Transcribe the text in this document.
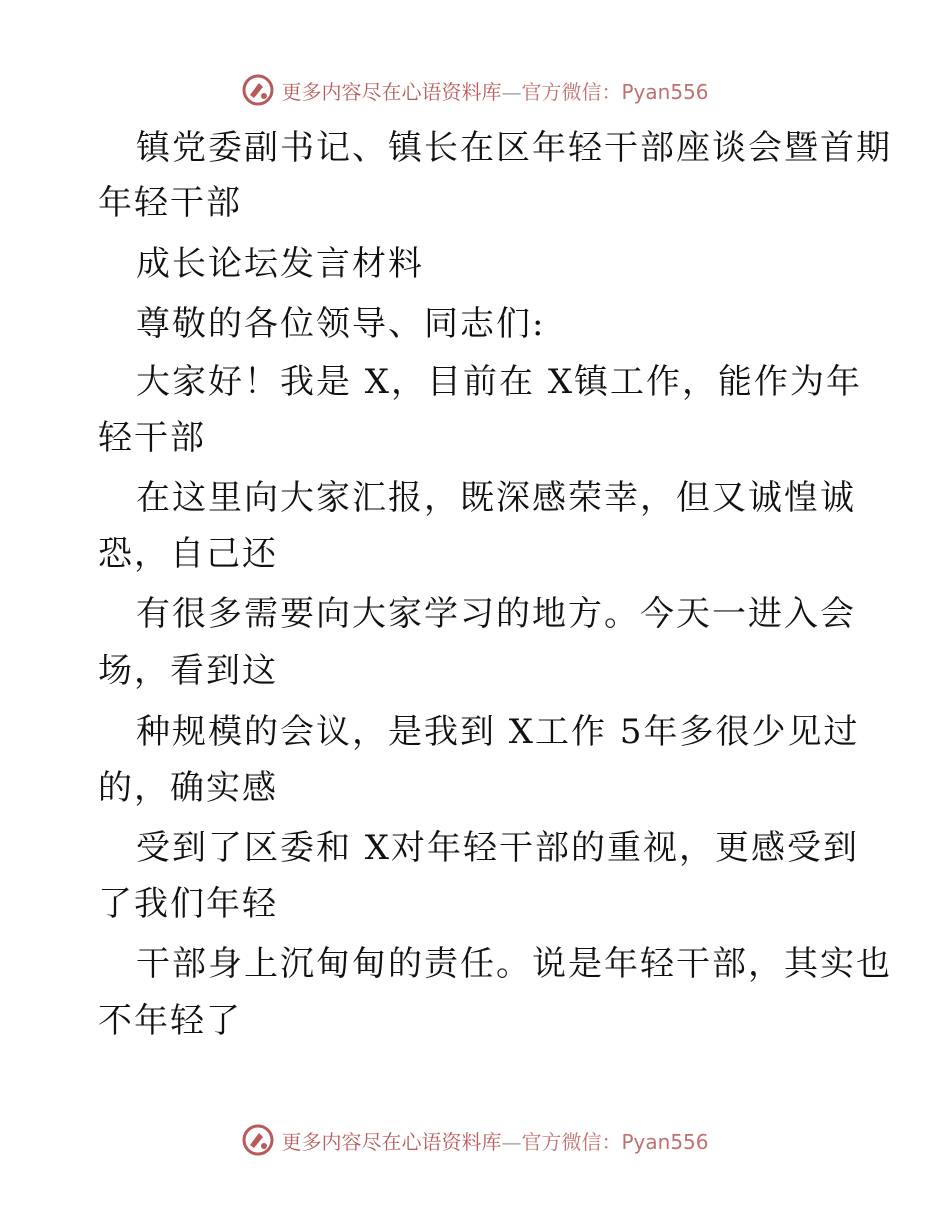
更多内容尽在心语资料库—官方微信：Pyan556
镇党委副书记、镇长在区年轻干部座谈会暨首期
年轻干部
成长论坛发言材料
尊敬的各位领导、同志们:
大家好！我是 X，目前在 X镇工作，能作为年
轻干部
在这里向大家汇报，既深感荣幸，但又诚惶诚
恐，自己还
有很多需要向大家学习的地方。今天一进入会
场，看到这
种规模的会议，是我到 X工作 5年多很少见过
的，确实感
受到了区委和 X对年轻干部的重视，更感受到
了我们年轻
干部身上沉甸甸的责任。说是年轻干部，其实也
不年轻了
更多内容尽在心语资料库—官方微信：Pyan556
